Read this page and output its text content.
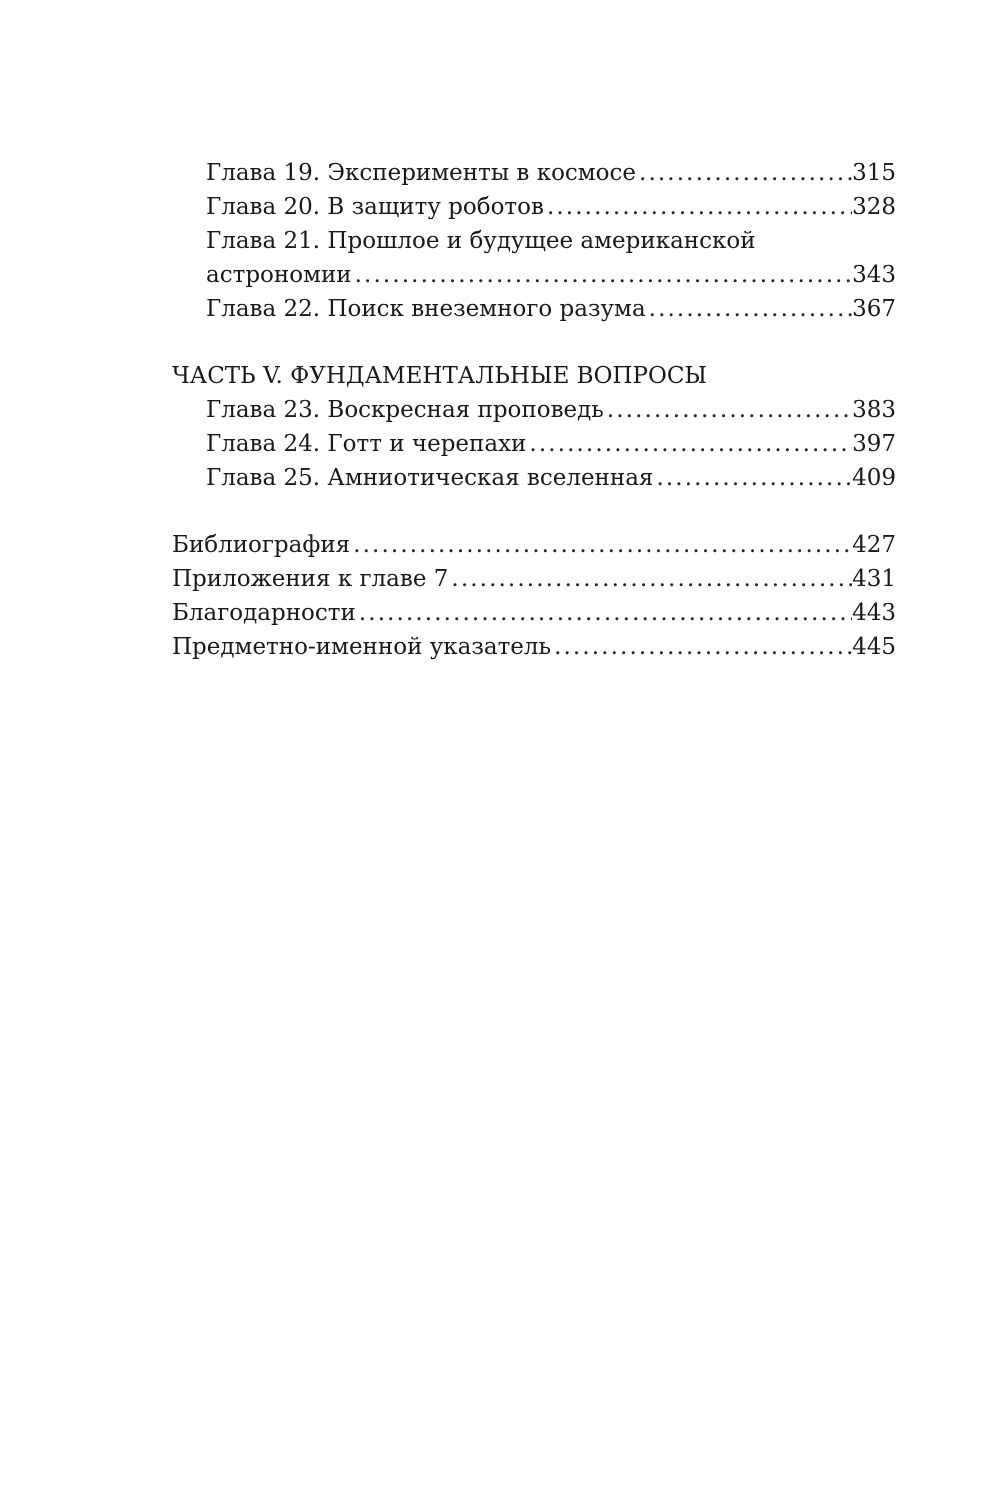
Глава 19. Эксперименты в космосе . . .	315
Глава 20. В защиту роботов . . .	328
Глава 21. Прошлое и будущее американской
астрономии . . .	343
Глава 22. Поиск внеземного разума . . .	367
ЧАСТЬ V. ФУНДАМЕНТАЛЬНЫЕ ВОПРОСЫ
Глава 23. Воскресная проповедь . . .	383
Глава 24. Готт и черепахи . . .	397
Глава 25. Амниотическая вселенная . . .	409
Библиография . . .	427
Приложения к главе 7 . . .	431
Благодарности . . .	443
Предметно-именной указатель . . .	445
